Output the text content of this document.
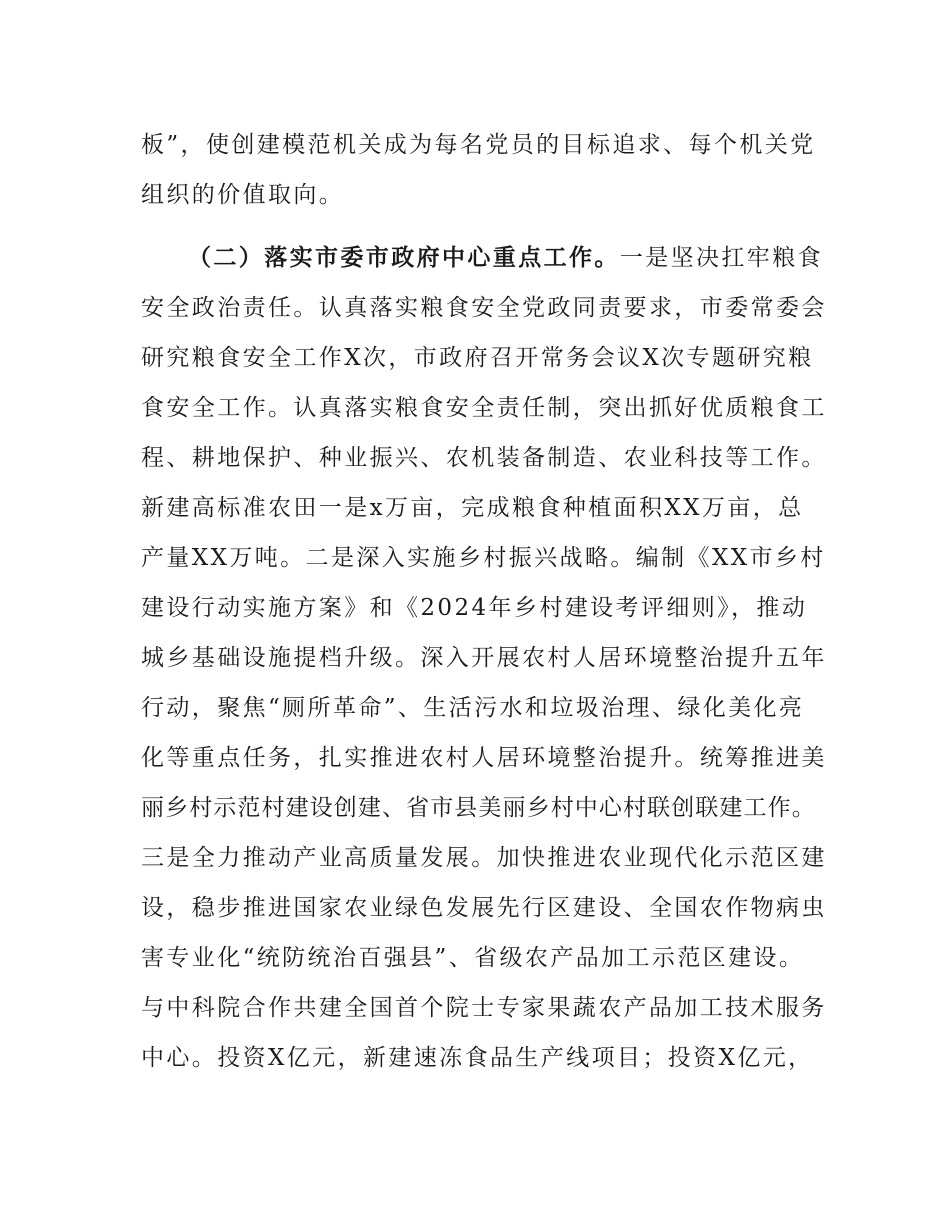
板”，使创建模范机关成为每名党员的目标追求、每个机关党
组织的价值取向。
（二）落实市委市政府中心重点工作。一是坚决扛牢粮食
安全政治责任。认真落实粮食安全党政同责要求，市委常委会
研究粮食安全工作X次，市政府召开常务会议X次专题研究粮
食安全工作。认真落实粮食安全责任制，突出抓好优质粮食工
程、耕地保护、种业振兴、农机装备制造、农业科技等工作。
新建高标准农田一是x万亩，完成粮食种植面积XX万亩，总
产量XX万吨。二是深入实施乡村振兴战略。编制《XX市乡村
建设行动实施方案》和《2024年乡村建设考评细则》，推动
城乡基础设施提档升级。深入开展农村人居环境整治提升五年
行动，聚焦“厕所革命”、生活污水和垃圾治理、绿化美化亮
化等重点任务，扎实推进农村人居环境整治提升。统筹推进美
丽乡村示范村建设创建、省市县美丽乡村中心村联创联建工作。
三是全力推动产业高质量发展。加快推进农业现代化示范区建
设，稳步推进国家农业绿色发展先行区建设、全国农作物病虫
害专业化“统防统治百强县”、省级农产品加工示范区建设。
与中科院合作共建全国首个院士专家果蔬农产品加工技术服务
中心。投资X亿元，新建速冻食品生产线项目；投资X亿元，
